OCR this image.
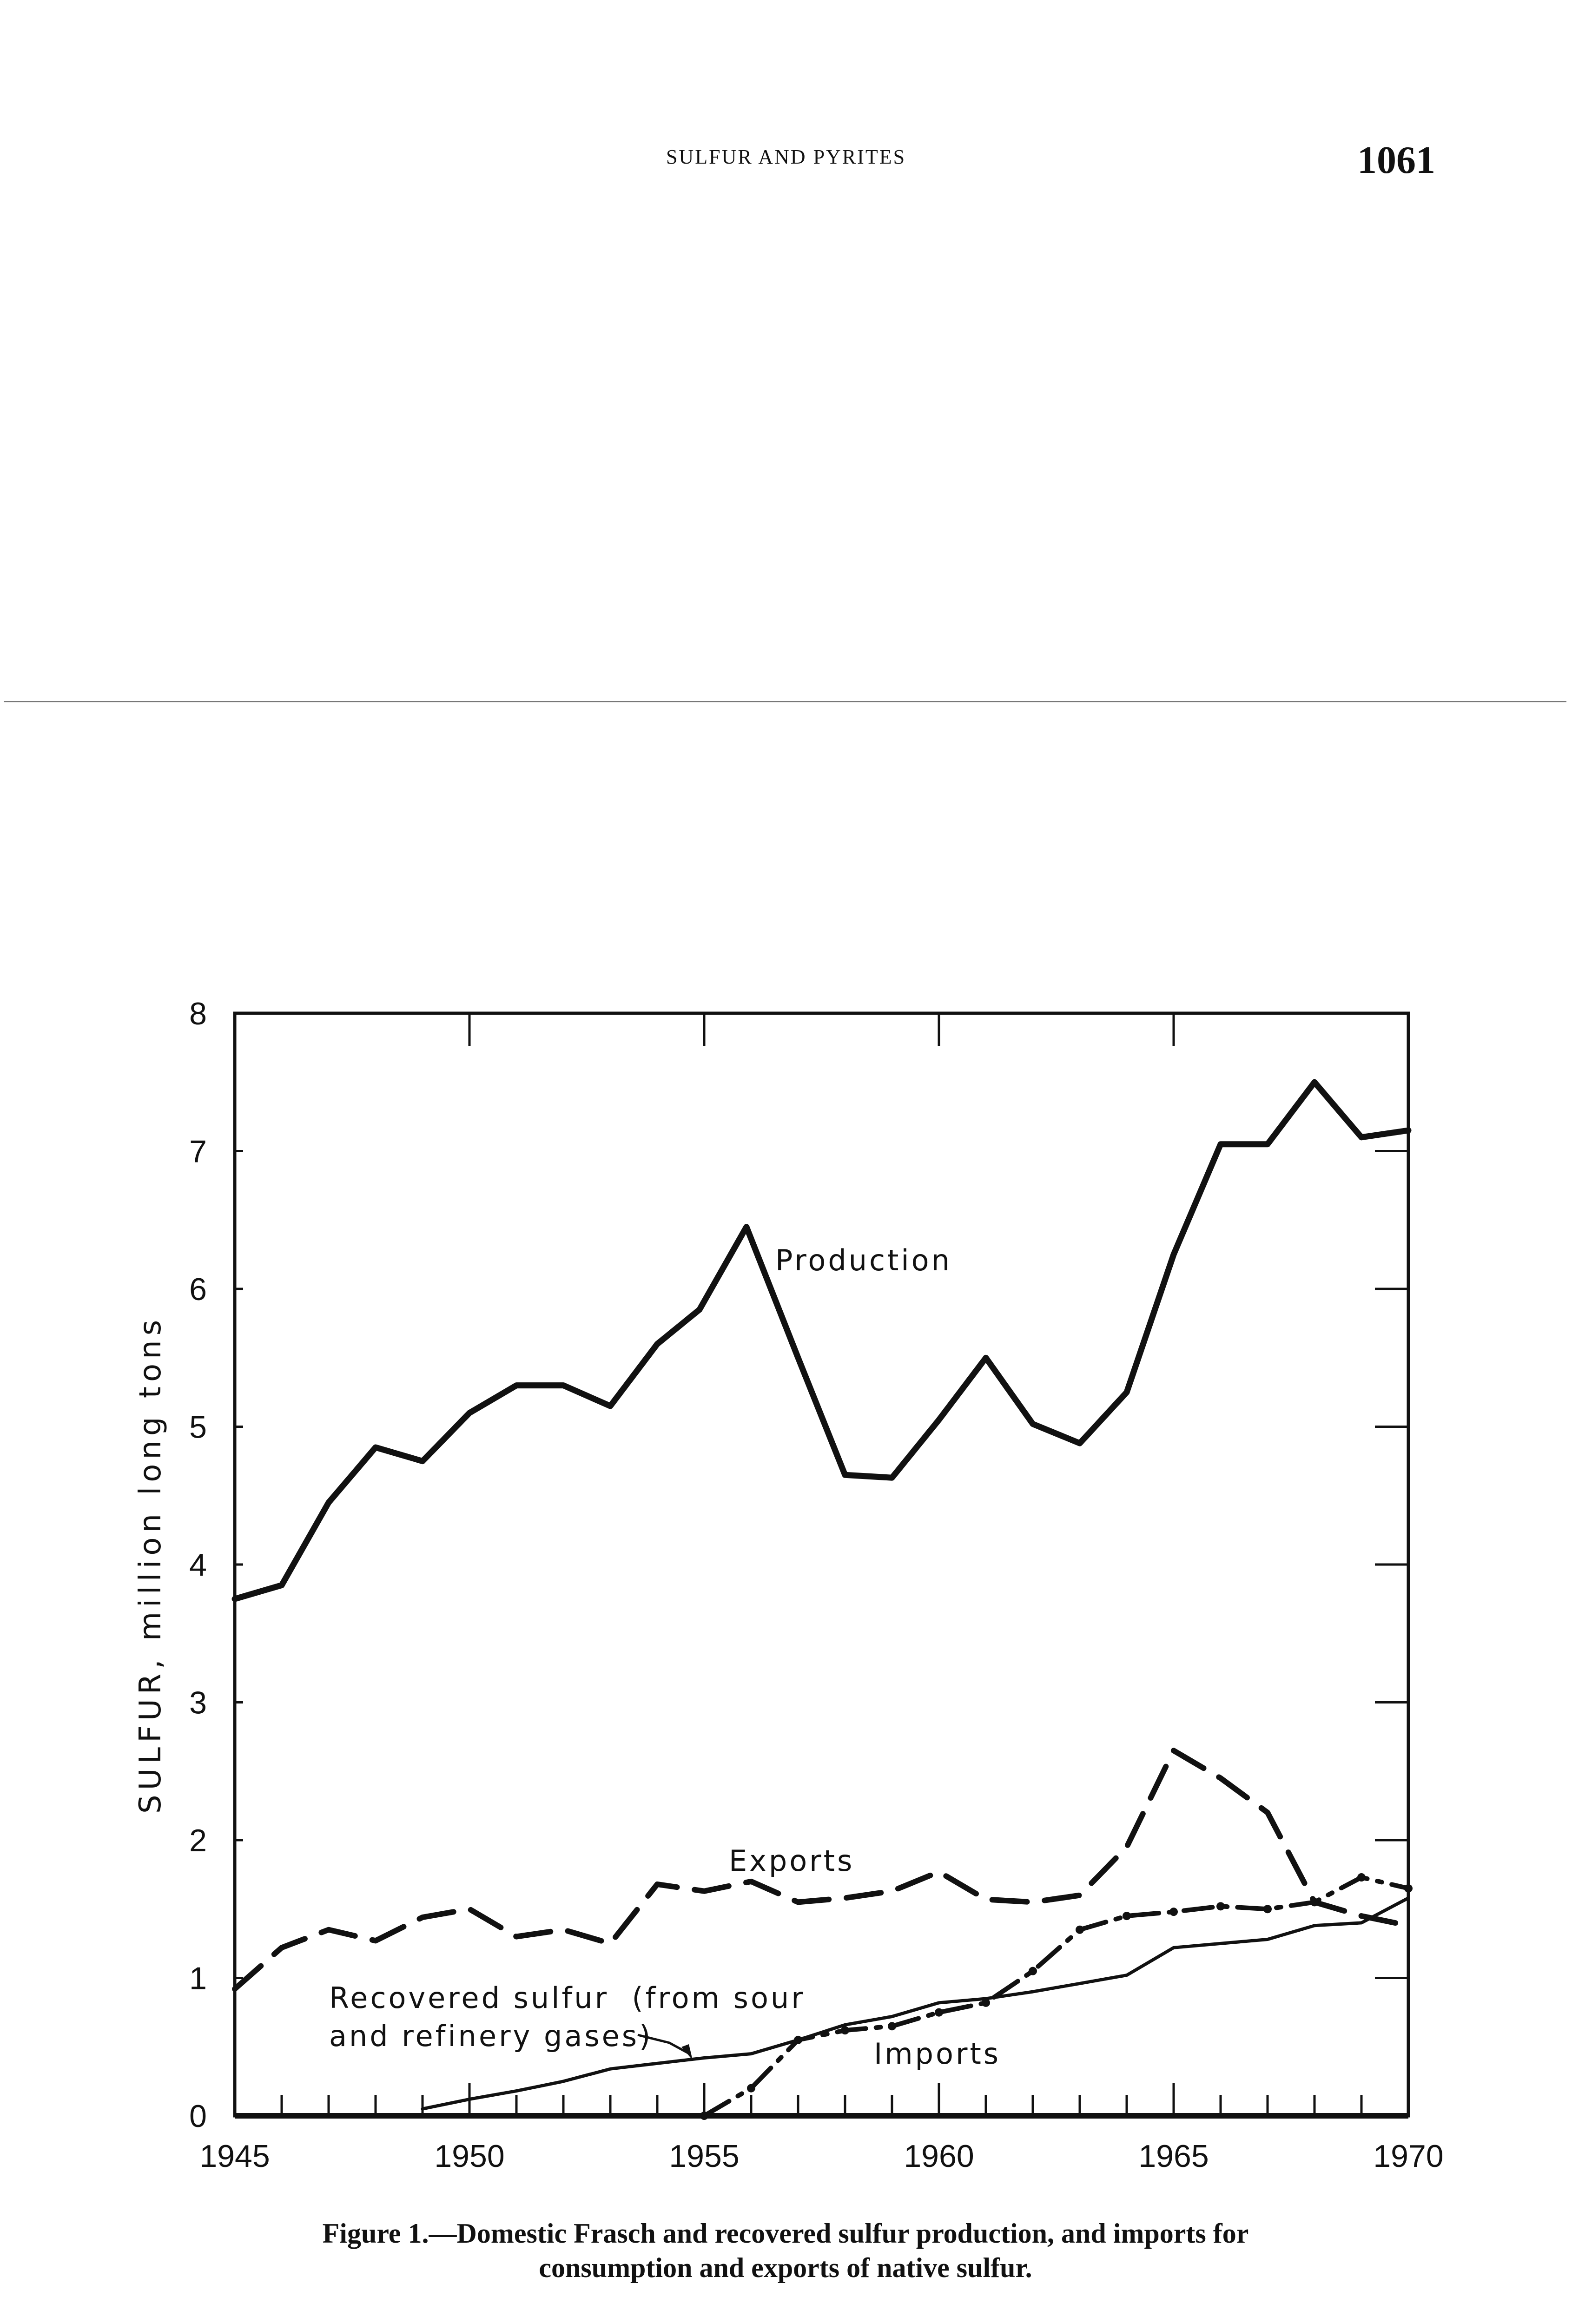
SULFUR AND PYRITES	1061
0
1
2
3
4
5
6
7
8
1945	1950	1955	1960	1965	1970
SULFUR, million long tons
Production
Exports
Recovered sulfur  (from sour
and refinery gases)
Imports
Figure 1.—Domestic Frasch and recovered sulfur production, and imports for
consumption and exports of native sulfur.
